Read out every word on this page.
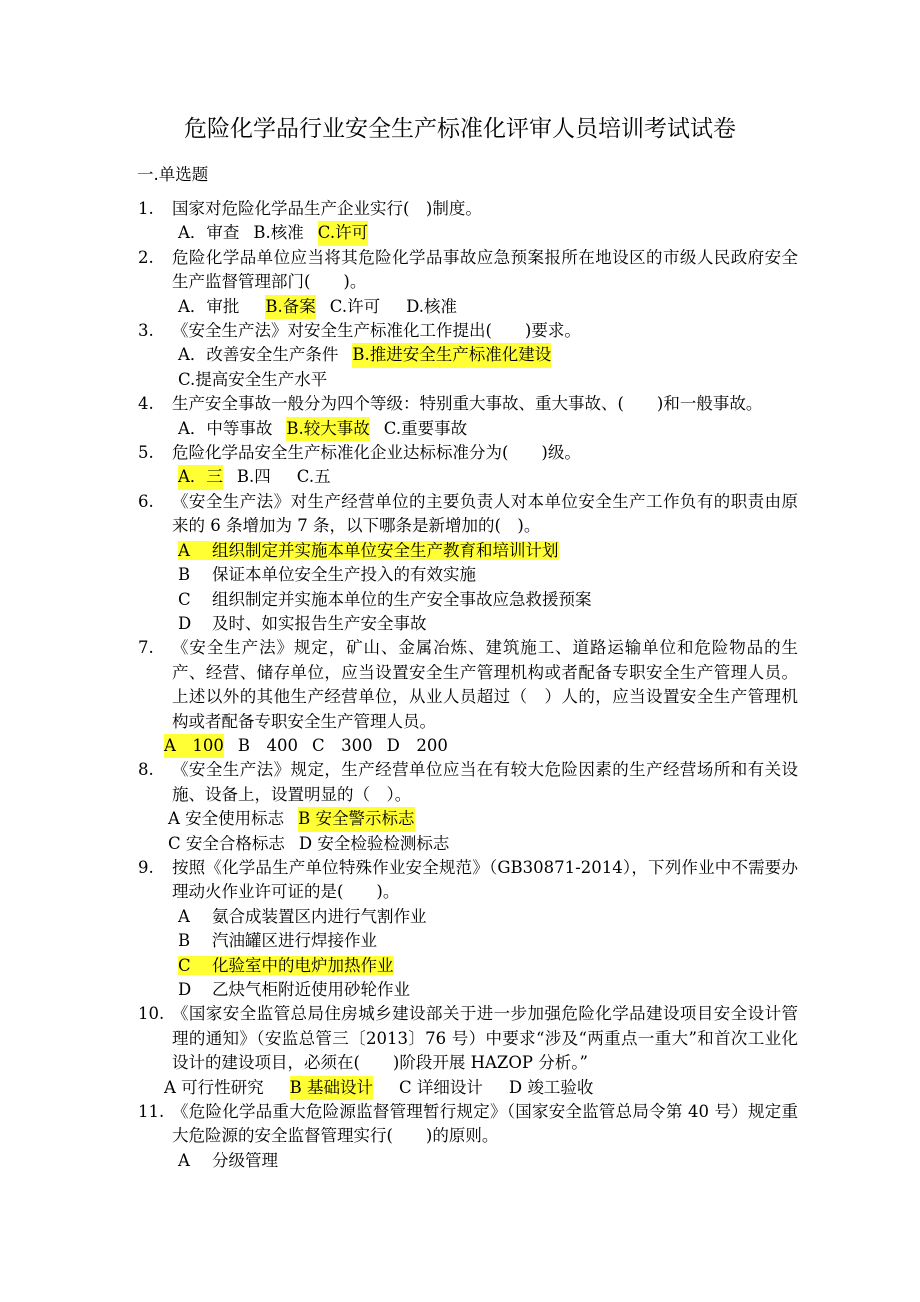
危险化学品行业安全生产标准化评审人员培训考试试卷
一.单选题
1. 国家对危险化学品生产企业实行(　)制度。
A．审查 B.核准 C.许可
2. 危险化学品单位应当将其危险化学品事故应急预案报所在地设区的市级人民政府安全生产监督管理部门(　　)。
A．审批 B.备案 C.许可 D.核准
3. 《安全生产法》对安全生产标准化工作提出(　　)要求。
A．改善安全生产条件 B.推进安全生产标准化建设
C.提高安全生产水平
4. 生产安全事故一般分为四个等级：特别重大事故、重大事故、(　　)和一般事故。
A．中等事故 B.较大事故 C.重要事故
5. 危险化学品安全生产标准化企业达标标准分为(　　)级。
A．三 B.四 C.五
6. 《安全生产法》对生产经营单位的主要负责人对本单位安全生产工作负有的职责由原来的 6 条增加为 7 条，以下哪条是新增加的(　)。
A 组织制定并实施本单位安全生产教育和培训计划
B 保证本单位安全生产投入的有效实施
C 组织制定并实施本单位的生产安全事故应急救援预案
D 及时、如实报告生产安全事故
7. 《安全生产法》规定，矿山、金属冶炼、建筑施工、道路运输单位和危险物品的生产、经营、储存单位，应当设置安全生产管理机构或者配备专职安全生产管理人员。上述以外的其他生产经营单位，从业人员超过（　）人的，应当设置安全生产管理机构或者配备专职安全生产管理人员。
A　100 B　400 C　300 D　200
8. 《安全生产法》规定，生产经营单位应当在有较大危险因素的生产经营场所和有关设施、设备上，设置明显的（　）。
A 安全使用标志 B 安全警示标志
C 安全合格标志 D 安全检验检测标志
9. 按照《化学品生产单位特殊作业安全规范》（GB30871-2014），下列作业中不需要办理动火作业许可证的是(　　)。
A 氨合成装置区内进行气割作业
B 汽油罐区进行焊接作业
C 化验室中的电炉加热作业
D 乙炔气柜附近使用砂轮作业
10. 《国家安全监管总局住房城乡建设部关于进一步加强危险化学品建设项目安全设计管理的通知》（安监总管三〔2013〕76 号）中要求“涉及“两重点一重大”和首次工业化设计的建设项目，必须在(　　)阶段开展 HAZOP 分析。”
A 可行性研究 B 基础设计 C 详细设计 D 竣工验收
11. 《危险化学品重大危险源监督管理暂行规定》（国家安全监管总局令第 40 号）规定重大危险源的安全监督管理实行(　　)的原则。
A 分级管理
